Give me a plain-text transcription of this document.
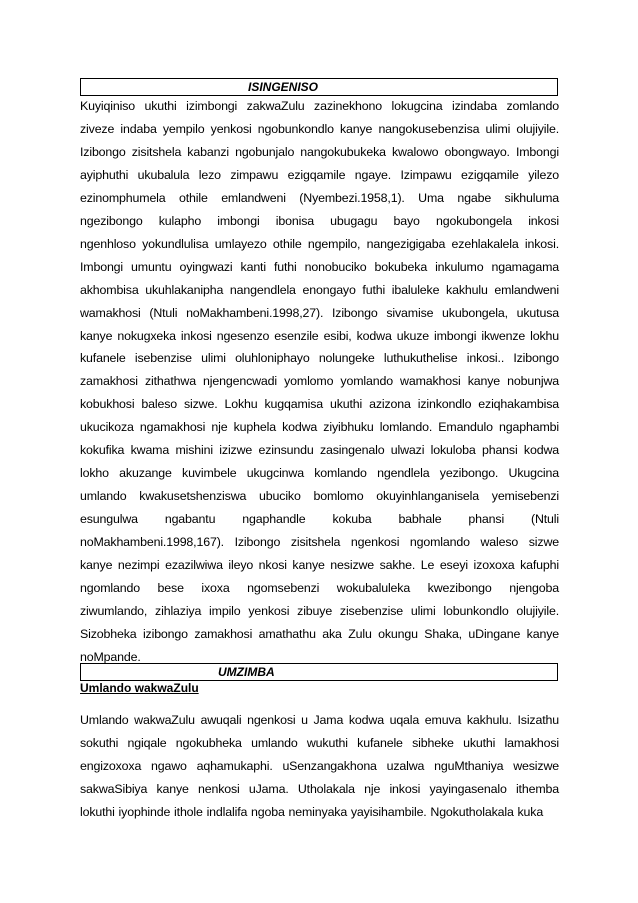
ISINGENISO
Kuyiqiniso ukuthi izimbongi zakwaZulu zazinekhono lokugcina izindaba zomlando
ziveze indaba yempilo yenkosi ngobunkondlo kanye nangokusebenzisa ulimi olujiyile.
Izibongo zisitshela kabanzi ngobunjalo nangokubukeka kwalowo obongwayo. Imbongi
ayiphuthi ukubalula lezo zimpawu ezigqamile ngaye. Izimpawu ezigqamile yilezo
ezinomphumela othile emlandweni (Nyembezi.1958,1). Uma ngabe sikhuluma
ngezibongo kulapho imbongi ibonisa ubugagu bayo ngokubongela inkosi
ngenhloso yokundlulisa umlayezo othile ngempilo, nangezigigaba ezehlakalela inkosi.
Imbongi umuntu oyingwazi kanti futhi nonobuciko bokubeka inkulumo ngamagama
akhombisa ukuhlakanipha nangendlela enongayo futhi ibaluleke kakhulu emlandweni
wamakhosi (Ntuli noMakhambeni.1998,27). Izibongo sivamise ukubongela, ukutusa
kanye nokugxeka inkosi ngesenzo esenzile esibi, kodwa ukuze imbongi ikwenze lokhu
kufanele isebenzise ulimi oluhloniphayo nolungeke luthukuthelise inkosi.. Izibongo
zamakhosi zithathwa njengencwadi yomlomo yomlando wamakhosi kanye nobunjwa
kobukhosi baleso sizwe. Lokhu kugqamisa ukuthi azizona izinkondlo eziqhakambisa
ukucikoza ngamakhosi nje kuphela kodwa ziyibhuku lomlando. Emandulo ngaphambi
kokufika kwama mishini izizwe ezinsundu zasingenalo ulwazi lokuloba phansi kodwa
lokho akuzange kuvimbele ukugcinwa komlando ngendlela yezibongo. Ukugcina
umlando kwakusetshenziswa ubuciko bomlomo okuyinhlanganisela yemisebenzi
esungulwa ngabantu ngaphandle kokuba babhale phansi (Ntuli
noMakhambeni.1998,167). Izibongo zisitshela ngenkosi ngomlando waleso sizwe
kanye nezimpi ezazilwiwa ileyo nkosi kanye nesizwe sakhe. Le eseyi izoxoxa kafuphi
ngomlando bese ixoxa ngomsebenzi wokubaluleka kwezibongo njengoba
ziwumlando, zihlaziya impilo yenkosi zibuye zisebenzise ulimi lobunkondlo olujiyile.
Sizobheka izibongo zamakhosi amathathu aka Zulu okungu Shaka, uDingane kanye
noMpande.
UMZIMBA
Umlando wakwaZulu
Umlando wakwaZulu awuqali ngenkosi u Jama kodwa uqala emuva kakhulu. Isizathu
sokuthi ngiqale ngokubheka umlando wukuthi kufanele sibheke ukuthi lamakhosi
engizoxoxa ngawo aqhamukaphi. uSenzangakhona uzalwa nguMthaniya wesizwe
sakwaSibiya kanye nenkosi uJama. Utholakala nje inkosi yayingasenalo ithemba
lokuthi iyophinde ithole indlalifa ngoba neminyaka yayisihambile. Ngokutholakala kuka
